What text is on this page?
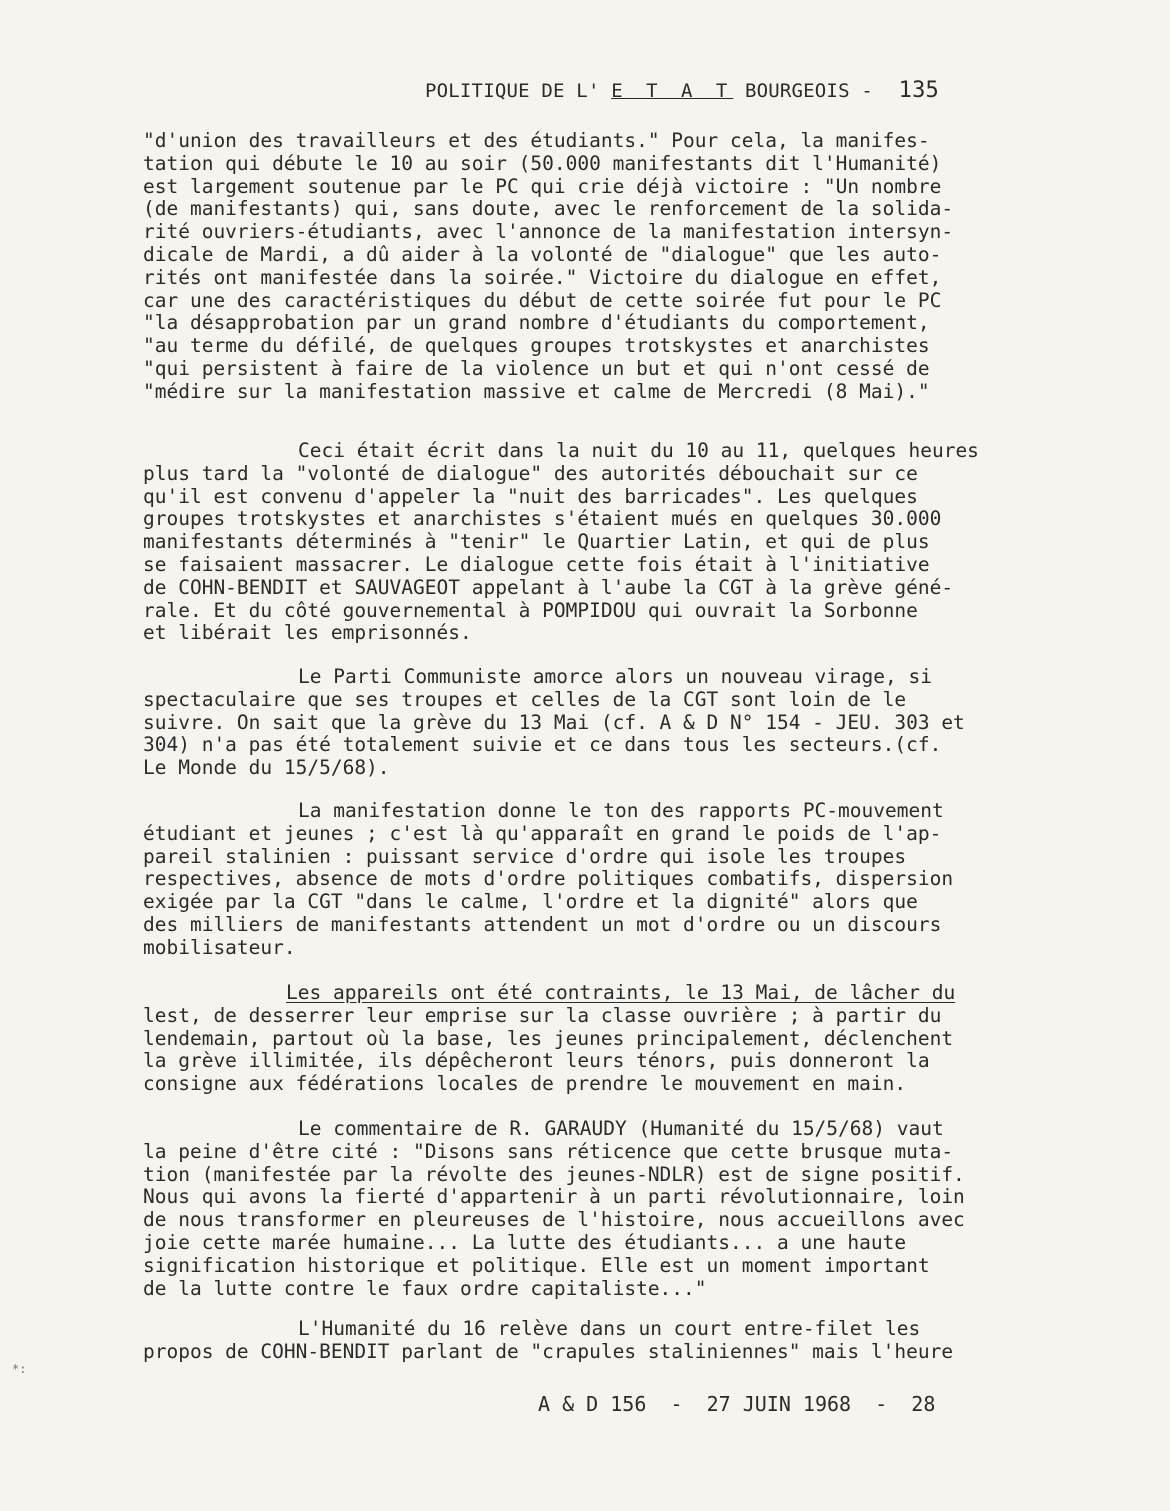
POLITIQUE DE L' E T A T BOURGEOIS - 135
"d'union des travailleurs et des étudiants." Pour cela, la manifes-
tation qui débute le 10 au soir (50.000 manifestants dit l'Humanité)
est largement soutenue par le PC qui crie déjà victoire : "Un nombre
(de manifestants) qui, sans doute, avec le renforcement de la solida-
rité ouvriers-étudiants, avec l'annonce de la manifestation intersyn-
dicale de Mardi, a dû aider à la volonté de "dialogue" que les auto-
rités ont manifestée dans la soirée." Victoire du dialogue en effet,
car une des caractéristiques du début de cette soirée fut pour le PC
"la désapprobation par un grand nombre d'étudiants du comportement,
"au terme du défilé, de quelques groupes trotskystes et anarchistes
"qui persistent à faire de la violence un but et qui n'ont cessé de
"médire sur la manifestation massive et calme de Mercredi (8 Mai)."
Ceci était écrit dans la nuit du 10 au 11, quelques heures
plus tard la "volonté de dialogue" des autorités débouchait sur ce
qu'il est convenu d'appeler la "nuit des barricades". Les quelques
groupes trotskystes et anarchistes s'étaient mués en quelques 30.000
manifestants déterminés à "tenir" le Quartier Latin, et qui de plus
se faisaient massacrer. Le dialogue cette fois était à l'initiative
de COHN-BENDIT et SAUVAGEOT appelant à l'aube la CGT à la grève géné-
rale. Et du côté gouvernemental à POMPIDOU qui ouvrait la Sorbonne
et libérait les emprisonnés.
Le Parti Communiste amorce alors un nouveau virage, si
spectaculaire que ses troupes et celles de la CGT sont loin de le
suivre. On sait que la grève du 13 Mai (cf. A & D N° 154 - JEU. 303 et
304) n'a pas été totalement suivie et ce dans tous les secteurs.(cf.
Le Monde du 15/5/68).
La manifestation donne le ton des rapports PC-mouvement
étudiant et jeunes ; c'est là qu'apparaît en grand le poids de l'ap-
pareil stalinien : puissant service d'ordre qui isole les troupes
respectives, absence de mots d'ordre politiques combatifs, dispersion
exigée par la CGT "dans le calme, l'ordre et la dignité" alors que
des milliers de manifestants attendent un mot d'ordre ou un discours
mobilisateur.
Les appareils ont été contraints, le 13 Mai, de lâcher du
lest, de desserrer leur emprise sur la classe ouvrière ; à partir du
lendemain, partout où la base, les jeunes principalement, déclenchent
la grève illimitée, ils dépêcheront leurs ténors, puis donneront la
consigne aux fédérations locales de prendre le mouvement en main.
Le commentaire de R. GARAUDY (Humanité du 15/5/68) vaut
la peine d'être cité : "Disons sans réticence que cette brusque muta-
tion (manifestée par la révolte des jeunes-NDLR) est de signe positif.
Nous qui avons la fierté d'appartenir à un parti révolutionnaire, loin
de nous transformer en pleureuses de l'histoire, nous accueillons avec
joie cette marée humaine... La lutte des étudiants... a une haute
signification historique et politique. Elle est un moment important
de la lutte contre le faux ordre capitaliste..."
L'Humanité du 16 relève dans un court entre-filet les
propos de COHN-BENDIT parlant de "crapules staliniennes" mais l'heure
A & D 156  -  27 JUIN 1968  -  28
*:
